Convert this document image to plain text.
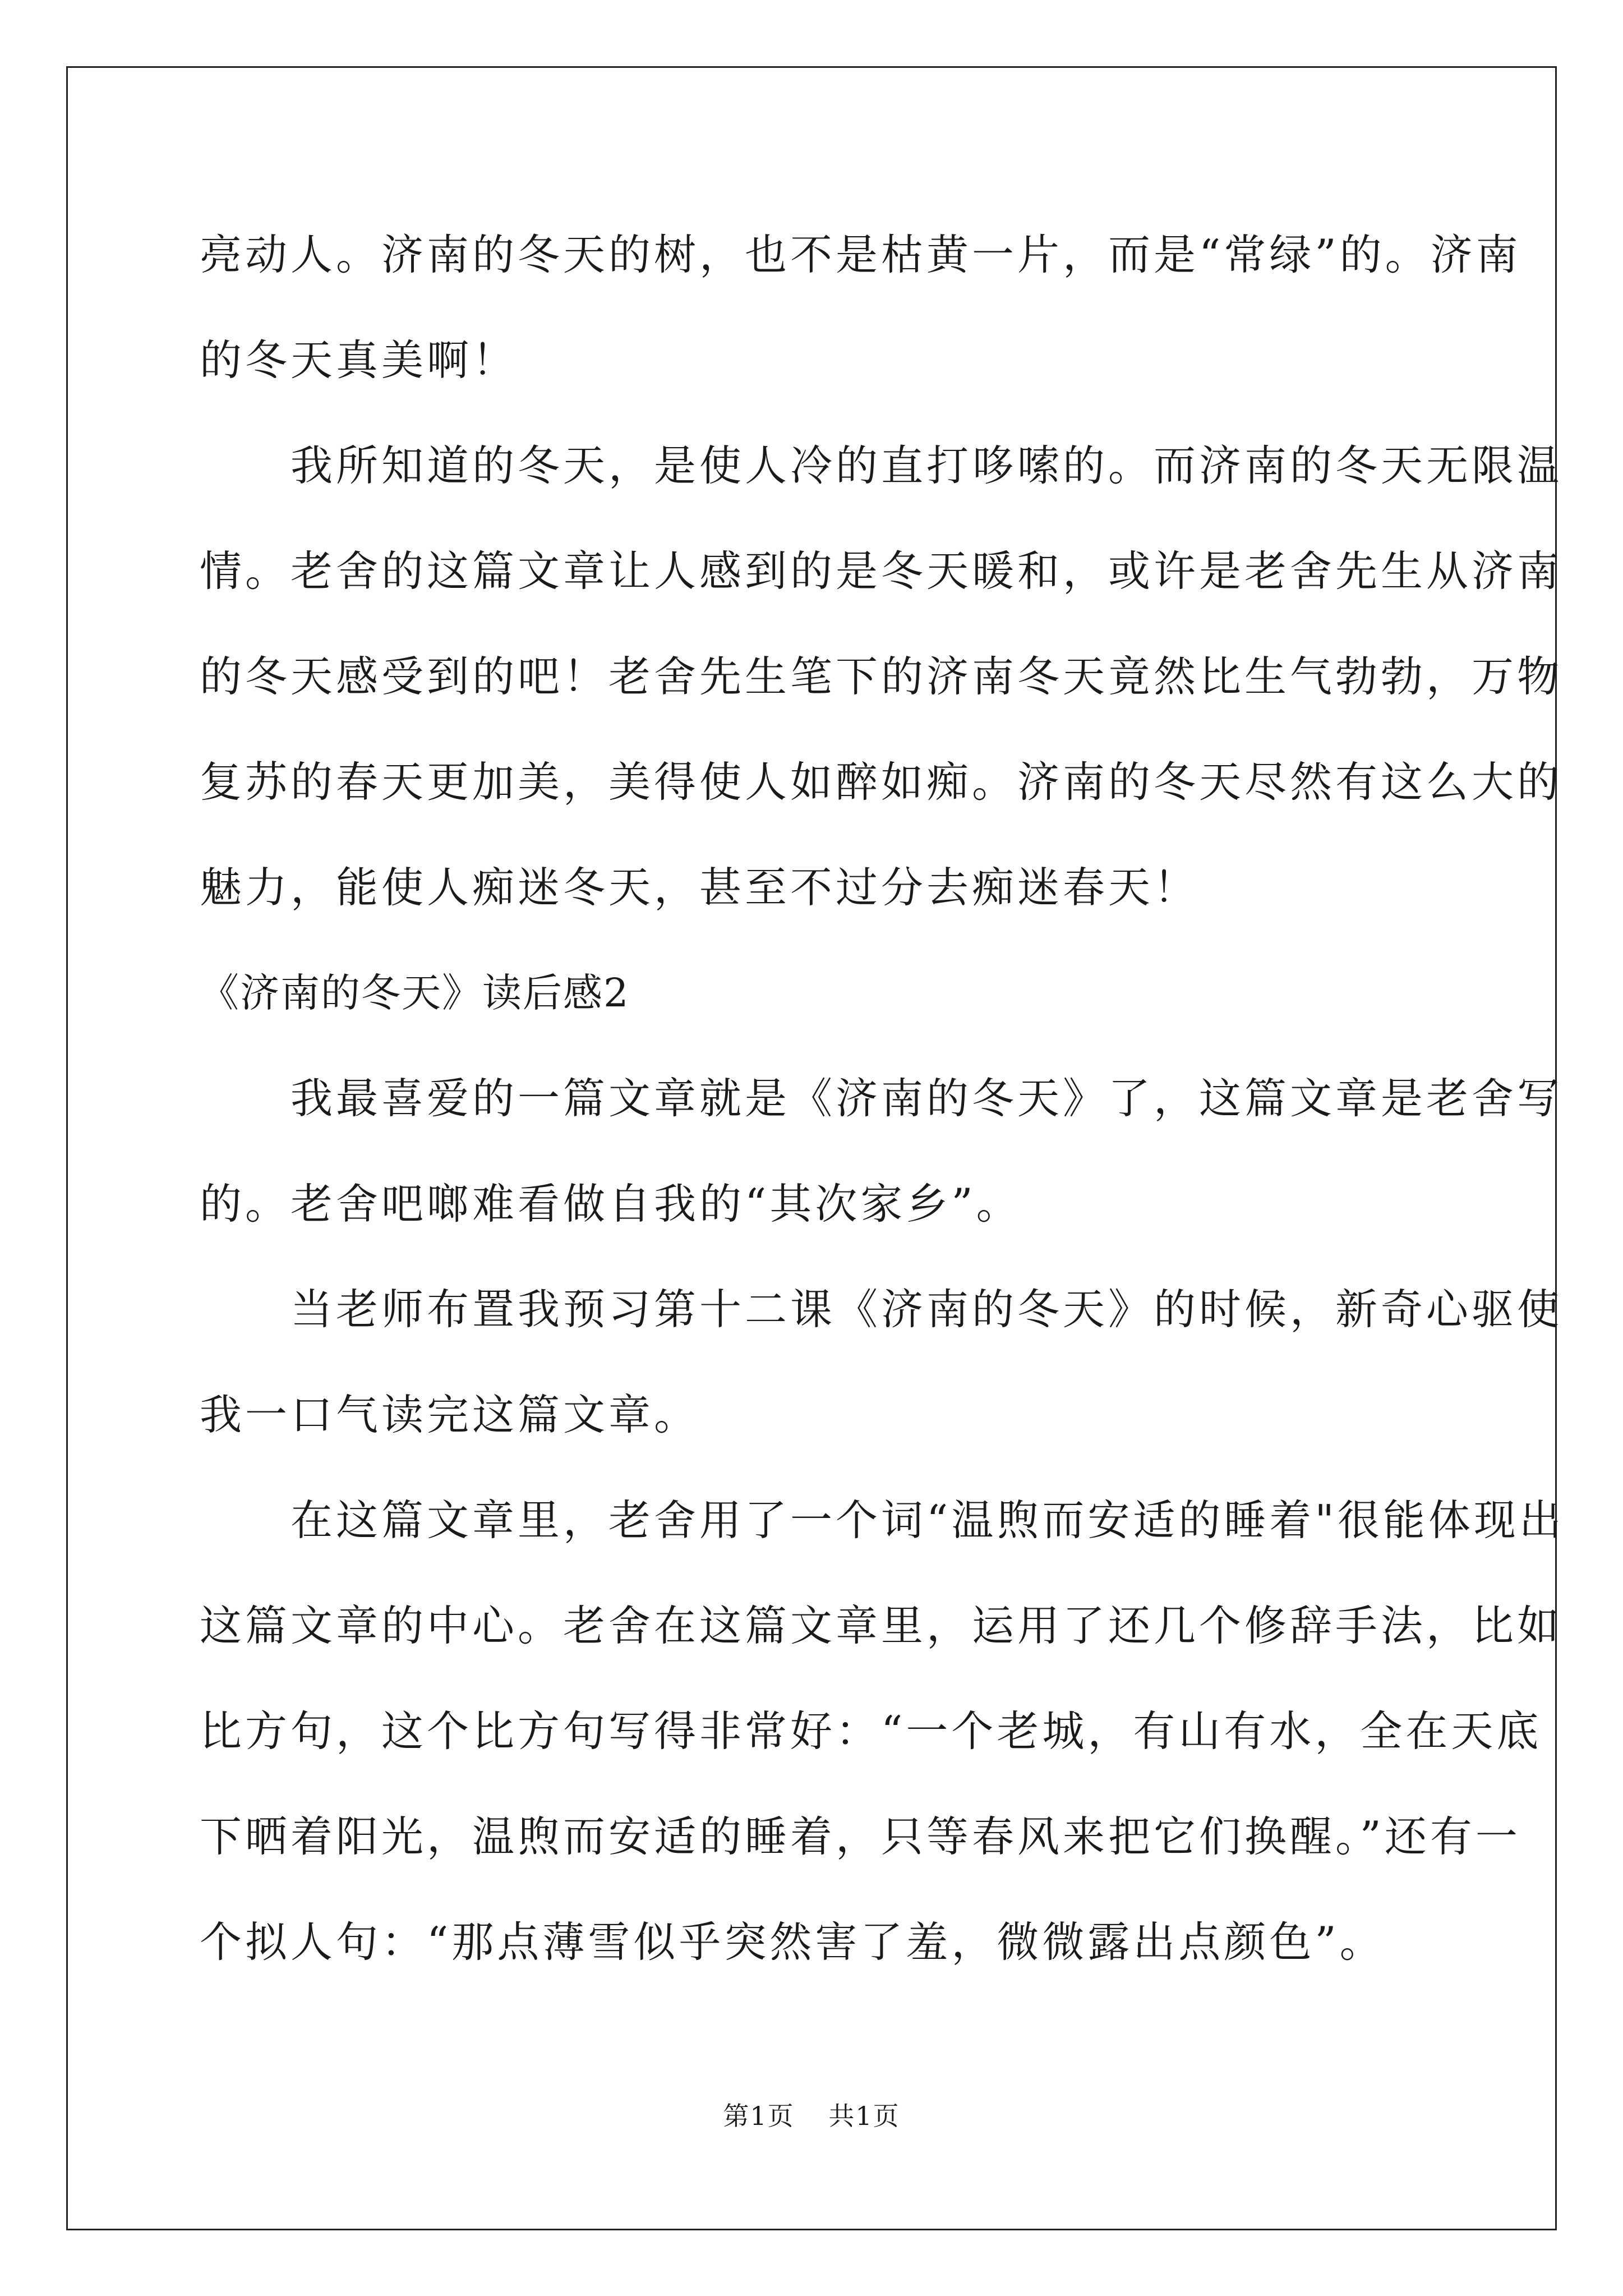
亮动人。济南的冬天的树，也不是枯黄一片，而是“常绿”的。济南
的冬天真美啊！
　　我所知道的冬天，是使人冷的直打哆嗦的。而济南的冬天无限温
情。老舍的这篇文章让人感到的是冬天暖和，或许是老舍先生从济南
的冬天感受到的吧！老舍先生笔下的济南冬天竟然比生气勃勃，万物
复苏的春天更加美，美得使人如醉如痴。济南的冬天尽然有这么大的
魅力，能使人痴迷冬天，甚至不过分去痴迷春天！
《济南的冬天》读后感2
　　我最喜爱的一篇文章就是《济南的冬天》了，这篇文章是老舍写
的。老舍吧啷难看做自我的“其次家乡”。
　　当老师布置我预习第十二课《济南的冬天》的时候，新奇心驱使
我一口气读完这篇文章。
　　在这篇文章里，老舍用了一个词“温煦而安适的睡着"很能体现出
这篇文章的中心。老舍在这篇文章里，运用了还几个修辞手法，比如
比方句，这个比方句写得非常好：“一个老城，有山有水，全在天底
下晒着阳光，温煦而安适的睡着，只等春风来把它们换醒。”还有一
个拟人句：“那点薄雪似乎突然害了羞，微微露出点颜色”。
第1页 共1页
